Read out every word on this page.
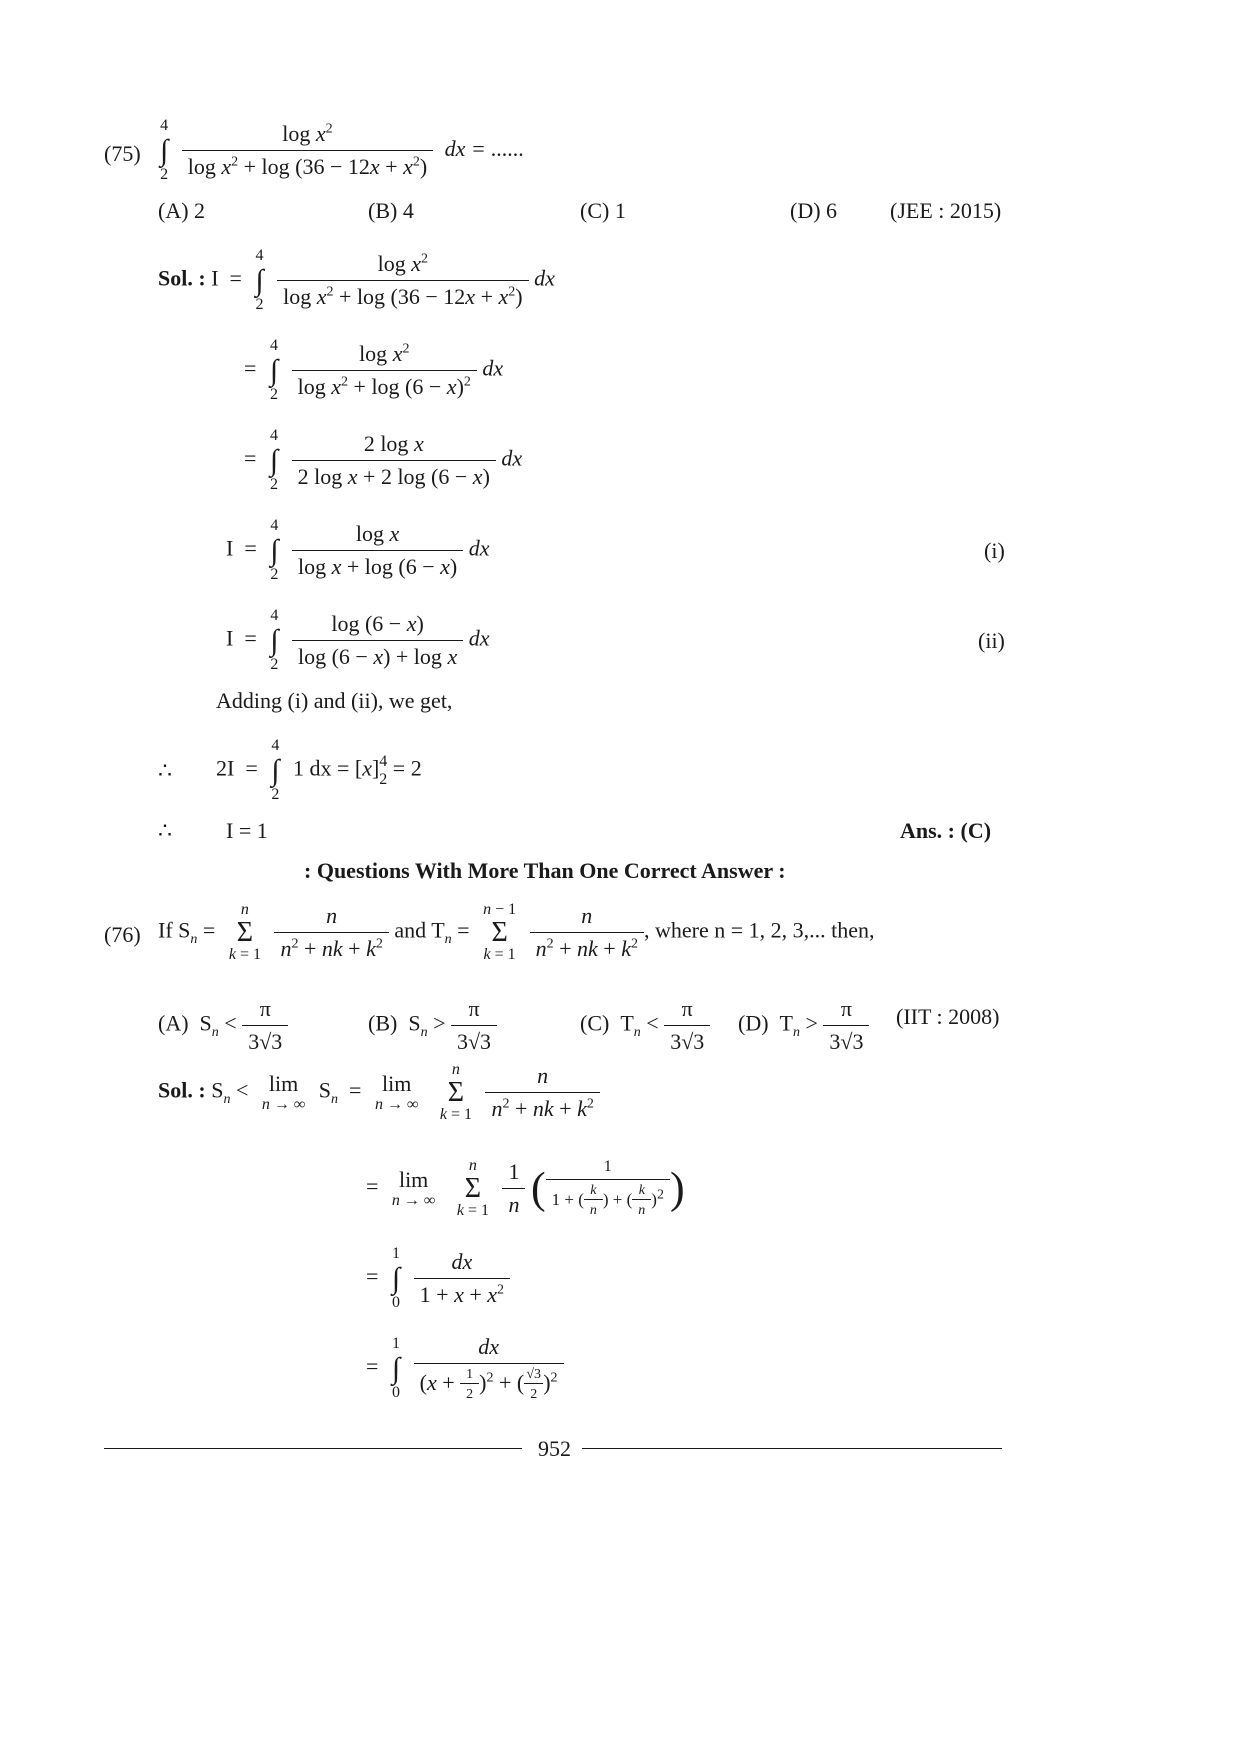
(75)
4
∫
2
$\frac{\log x^2}{\log x^2 + \log (36 - 12x + x^2)}$ dx = ......
(A) 2	(B) 4	(C) 1	(D) 6 (JEE : 2015)
Sol. : I  =
4
∫
2
$\frac{\log x^2}{\log x^2 + \log (36 - 12x + x^2)}$ dx
=
4
∫
2
$\frac{\log x^2}{\log x^2 + \log (6 - x)^2}$ dx
=
4
∫
2
$\frac{\text{2 log x}}{\text{2 log x + 2 log (6 − x)}}$ dx
I  =
4
∫
2
$\frac{\text{log x}}{\text{log x + log (6 − x)}}$ dx	(i)
I  =
4
∫
2
$\frac{\log (6 - x)}{\text{log (6 − x) + log x}}$ dx	(ii)
Adding (i) and (ii), we get,
∴ 2I  =
4
∫
2
1 dx = [x] 4
2 = 2
∴ I = 1	Ans. : (C)
: Questions With More Than One Correct Answer :
(76) If $S_n$ =
n
Σ
k = 1
$\frac{n}{n^2 + nk + k^2}$ and $T_n$ =
n − 1
Σ
k = 1
$\frac{n}{n^2 + nk + k^2}$ , where n = 1, 2, 3,... then,
(A)  $S_n < \frac{\pi}{3√3}$	(B)  $S_n > \frac{\pi}{3√3}$	(C)  $T_n < \frac{\pi}{3√3} (D) T_n > \frac{\pi}{3√3} (IIT$ : 2008)
Sol. : $S_n < \lim$
n → ∞
$S_n = \lim$
n → ∞

n
Σ
k = 1
$\frac{n}{n^2 + nk + k^2}$
= lim
n → ∞

n
Σ
k = 1
$\frac{1}{n}$ ( $\frac{1}{1 + ( \frac{k}{n} ) + ( \frac{k}{n} )^2}$ )
=
1
∫
0
$\frac{dx}{1 + x + x^2}$
=
1
∫
0
$\frac{dx}{(x + \frac{1}{2} )^2 + ( \frac{√3}{2} )^2}$
952
